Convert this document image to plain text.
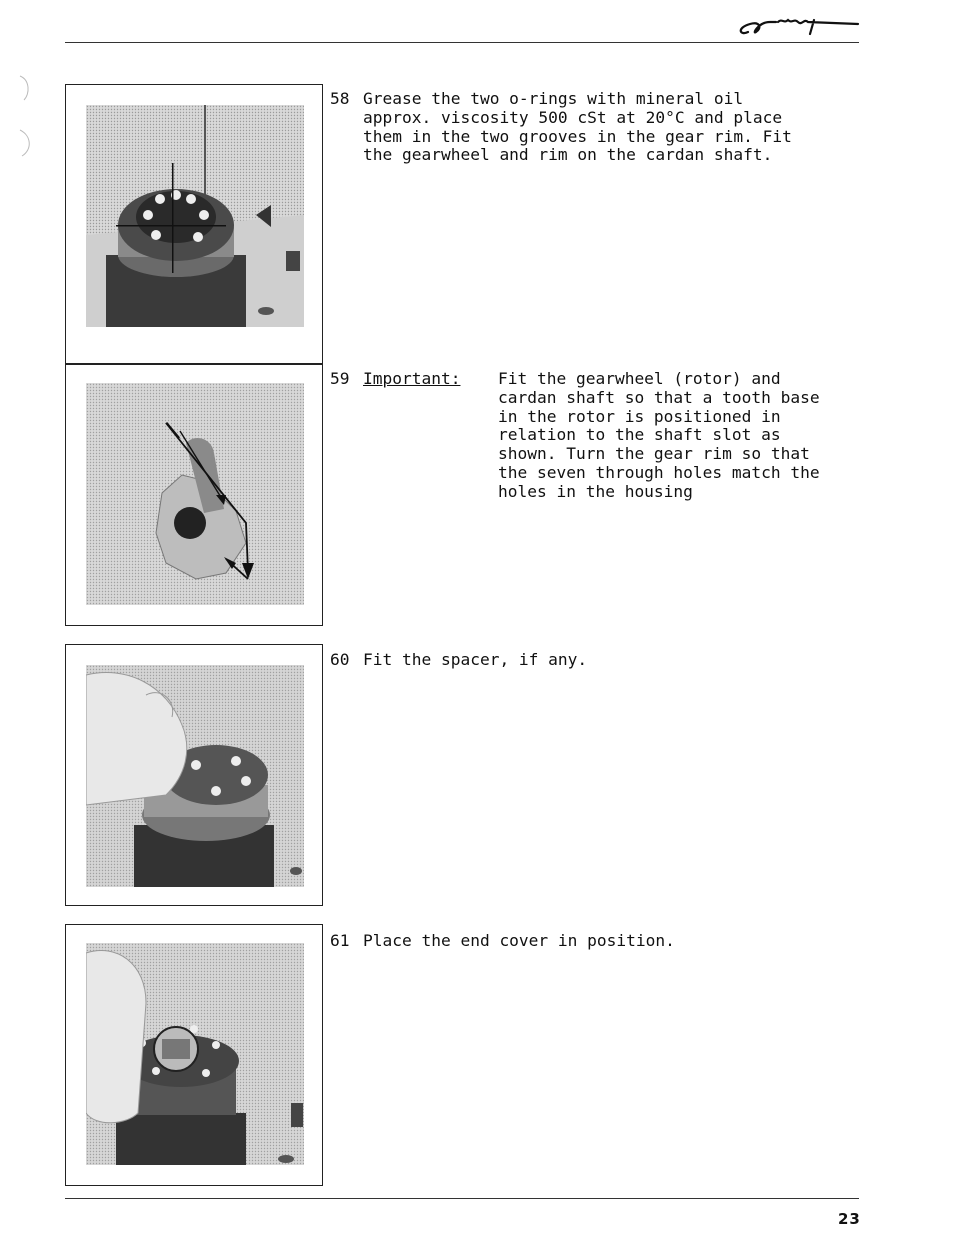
58 Grease the two o-rings with mineral oil
approx. viscosity 500 cSt at 20°C and place
them in the two grooves in the gear rim. Fit
the gearwheel and rim on the cardan shaft.
59 Important: Fit the gearwheel (rotor) and
cardan shaft so that a tooth base
in the rotor is positioned in
relation to the shaft slot as
shown. Turn the gear rim so that
the seven through holes match the
holes in the housing
60 Fit the spacer, if any.
61 Place the end cover in position.
23
